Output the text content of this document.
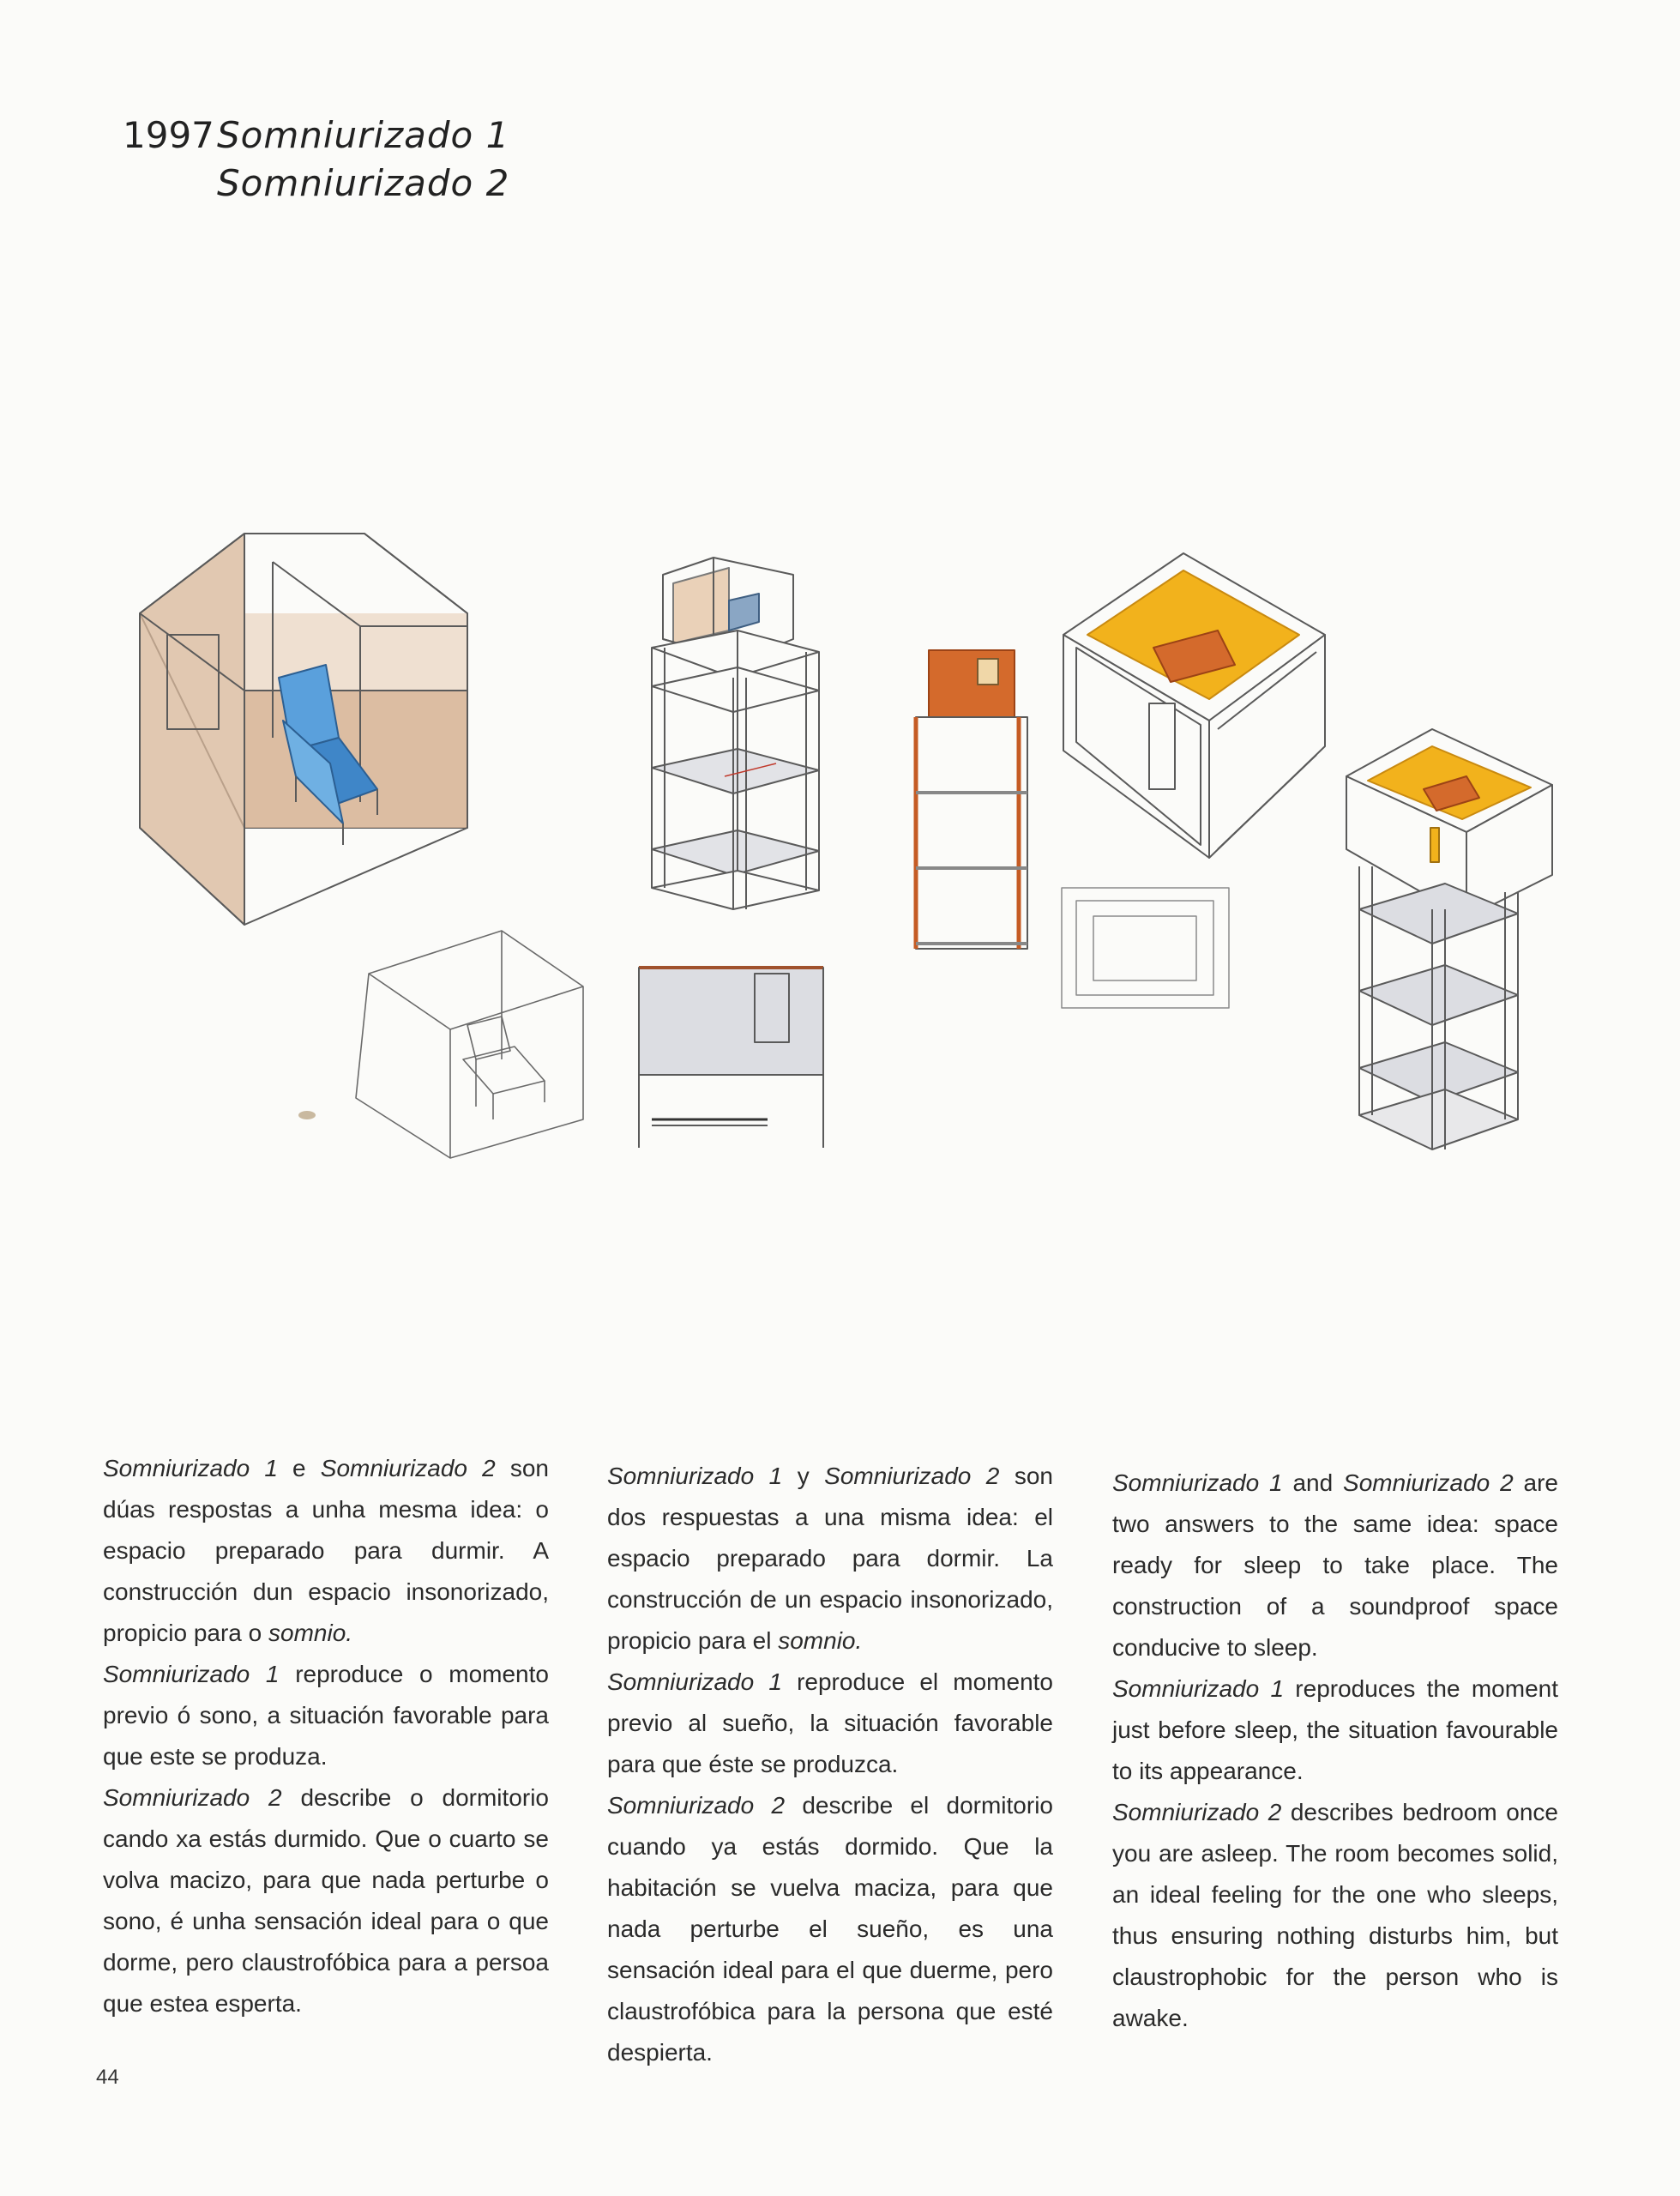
1997Somniurizado 1
Somniurizado 2

Somniurizado 1 e Somniurizado 2 son dúas respostas a unha mesma idea: o espacio preparado para durmir. A construcción dun espacio insonorizado, propicio para o somnio.

Somniurizado 1 reproduce o momento previo ó sono, a situación favorable para que este se produza.

Somniurizado 2 describe o dormitorio cando xa estás durmido. Que o cuarto se volva macizo, para que nada perturbe o sono, é unha sensación ideal para o que dorme, pero claustrofóbica para a persoa que estea esperta.

Somniurizado 1 y Somniurizado 2 son dos respuestas a una misma idea: el espacio preparado para dormir. La construcción de un espacio insonorizado, propicio para el somnio.

Somniurizado 1 reproduce el momento previo al sueño, la situación favorable para que éste se produzca.

Somniurizado 2 describe el dormitorio cuando ya estás dormido. Que la habitación se vuelva maciza, para que nada perturbe el sueño, es una sensación ideal para el que duerme, pero claustrofóbica para la persona que esté despierta.

Somniurizado 1 and Somniurizado 2 are two answers to the same idea: space ready for sleep to take place. The construction of a soundproof space conducive to sleep.

Somniurizado 1 reproduces the moment just before sleep, the situation favourable to its appearance.

Somniurizado 2 describes bedroom once you are asleep. The room becomes solid, an ideal feeling for the one who sleeps, thus ensuring nothing disturbs him, but claustrophobic for the person who is awake.

44
